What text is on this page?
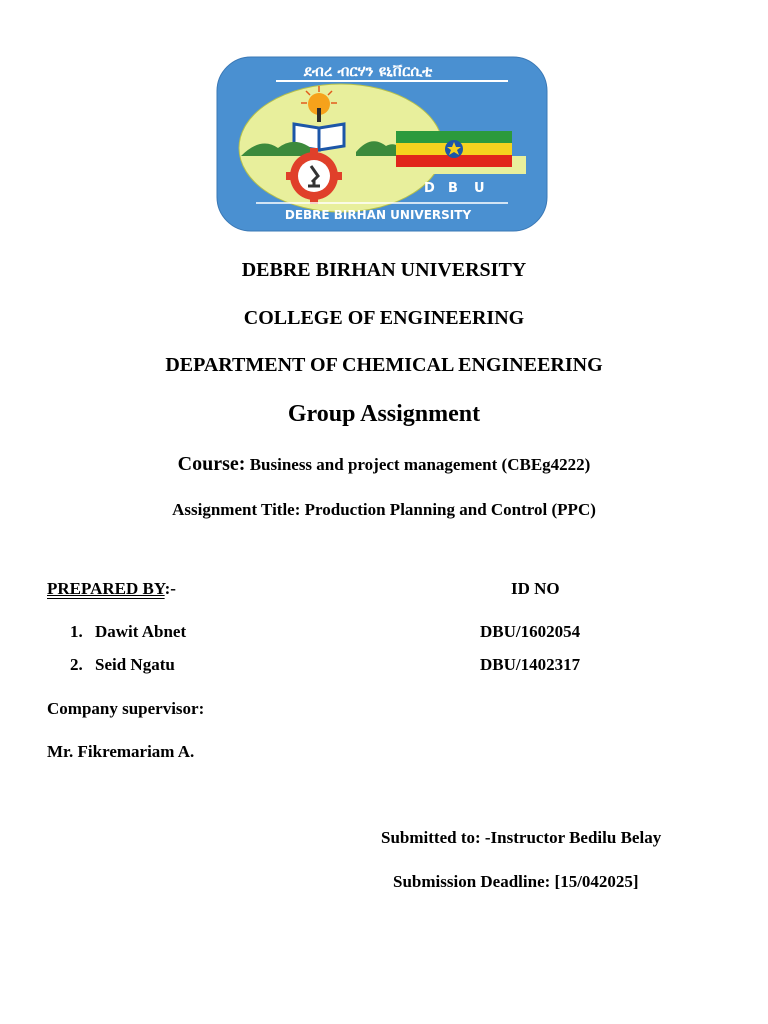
ደብረ ብርሃን ዩኒቨርሲቲ
D B U
DEBRE BIRHAN UNIVERSITY
DEBRE BIRHAN UNIVERSITY
COLLEGE OF ENGINEERING
DEPARTMENT OF CHEMICAL ENGINEERING
Group Assignment
Course: Business and project management (CBEg4222)
Assignment Title: Production Planning and Control (PPC)
PREPARED BY:-	ID NO
1. Dawit Abnet	DBU/1602054
2. Seid Ngatu	DBU/1402317
Company supervisor:
Mr. Fikremariam A.
Submitted to: -Instructor Bedilu Belay
Submission Deadline: [15/042025]
